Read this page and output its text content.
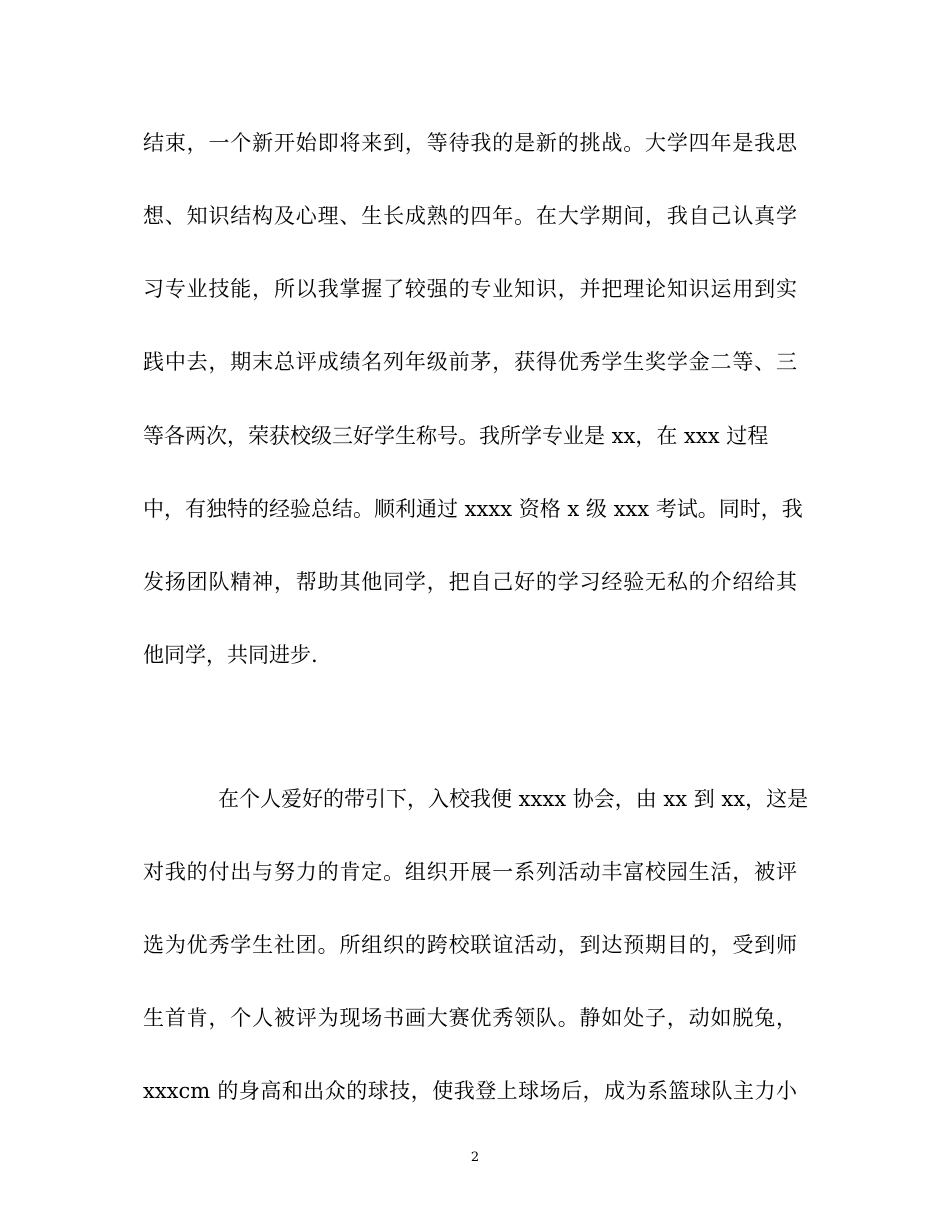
结束，一个新开始即将来到，等待我的是新的挑战。大学四年是我思
想、知识结构及心理、生长成熟的四年。在大学期间，我自己认真学
习专业技能，所以我掌握了较强的专业知识，并把理论知识运用到实
践中去，期末总评成绩名列年级前茅，获得优秀学生奖学金二等、三
等各两次，荣获校级三好学生称号。我所学专业是 xx，在 xxx 过程
中，有独特的经验总结。顺利通过 xxxx 资格 x 级 xxx 考试。同时，我
发扬团队精神，帮助其他同学，把自己好的学习经验无私的介绍给其
他同学，共同进步.
在个人爱好的带引下，入校我便 xxxx 协会，由 xx 到 xx，这是
对我的付出与努力的肯定。组织开展一系列活动丰富校园生活，被评
选为优秀学生社团。所组织的跨校联谊活动，到达预期目的，受到师
生首肯，个人被评为现场书画大赛优秀领队。静如处子，动如脱兔，
xxxcm 的身高和出众的球技，使我登上球场后，成为系篮球队主力小
2
